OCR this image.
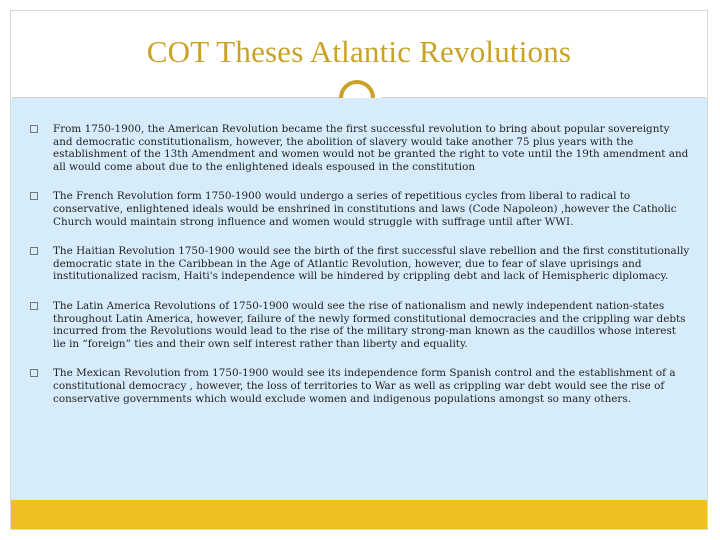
COT Theses Atlantic Revolutions
From 1750-1900, the American Revolution became the first successful revolution to bring about popular sovereignty and democratic constitutionalism, however, the abolition of slavery would take another 75 plus years with the establishment of the 13th Amendment and women would not be granted the right to vote until the 19th amendment and all would come about due to the enlightened ideals espoused in the constitution
The French Revolution form 1750-1900 would undergo a series of repetitious cycles from liberal to radical to conservative, enlightened ideals would be enshrined in constitutions and laws (Code Napoleon) ,however the Catholic Church would maintain strong influence and women would struggle with suffrage until after WWI.
The Haitian Revolution 1750-1900 would see the birth of the first successful slave rebellion and the first constitutionally democratic state in the Caribbean in the Age of Atlantic Revolution, however, due to fear of slave uprisings and institutionalized racism, Haiti's independence will be hindered by crippling debt and lack of Hemispheric diplomacy.
The Latin America Revolutions of 1750-1900 would see the rise of nationalism and newly independent nation-states throughout Latin America, however, failure of the newly formed constitutional democracies and the crippling war debts incurred from the Revolutions would lead to the rise of the military strong-man known as the caudillos whose interest lie in “foreign” ties and their own self interest rather than liberty and equality.
The Mexican Revolution from 1750-1900 would see its independence form Spanish control and the establishment of a constitutional democracy , however, the loss of territories to War as well as crippling war debt would see the rise of conservative governments which would exclude women and indigenous populations amongst so many others.
